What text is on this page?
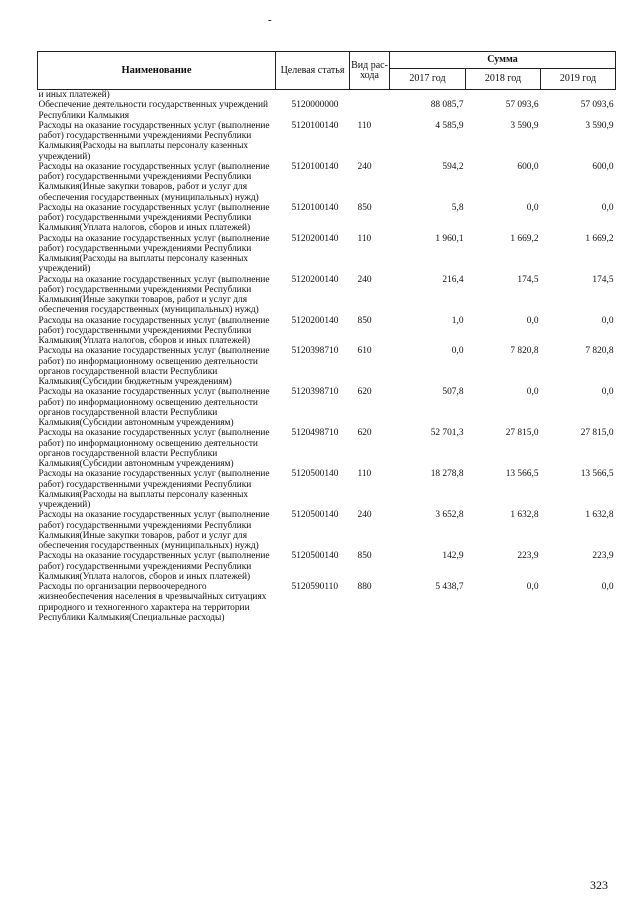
-
Наименование	Целевая статья	Вид рас-хода	Сумма		
			2017 год	2018 год	2019 год
и иных платежей)					
Обеспечение деятельности государственных учреждений Республики Калмыкия	5120000000		88 085,7	57 093,6	57 093,6
Расходы на оказание государственных услуг (выполнение работ) государственными учреждениями Республики Калмыкия(Расходы на выплаты персоналу казенных учреждений)	5120100140	110	4 585,9	3 590,9	3 590,9
Расходы на оказание государственных услуг (выполнение работ) государственными учреждениями Республики Калмыкия(Иные закупки товаров, работ и услуг для обеспечения государственных (муниципальных) нужд)	5120100140	240	594,2	600,0	600,0
Расходы на оказание государственных услуг (выполнение работ) государственными учреждениями Республики Калмыкия(Уплата налогов, сборов и иных платежей)	5120100140	850	5,8	0,0	0,0
Расходы на оказание государственных услуг (выполнение работ) государственными учреждениями Республики Калмыкия(Расходы на выплаты персоналу казенных учреждений)	5120200140	110	1 960,1	1 669,2	1 669,2
Расходы на оказание государственных услуг (выполнение работ) государственными учреждениями Республики Калмыкия(Иные закупки товаров, работ и услуг для обеспечения государственных (муниципальных) нужд)	5120200140	240	216,4	174,5	174,5
Расходы на оказание государственных услуг (выполнение работ) государственными учреждениями Республики Калмыкия(Уплата налогов, сборов и иных платежей)	5120200140	850	1,0	0,0	0,0
Расходы на оказание государственных услуг (выполнение работ) по информационному освещению деятельности органов государственной власти Республики Калмыкия(Субсидии бюджетным учреждениям)	5120398710	610	0,0	7 820,8	7 820,8
Расходы на оказание государственных услуг (выполнение работ) по информационному освещению деятельности органов государственной власти Республики Калмыкия(Субсидии автономным учреждениям)	5120398710	620	507,8	0,0	0,0
Расходы на оказание государственных услуг (выполнение работ) по информационному освещению деятельности органов государственной власти Республики Калмыкия(Субсидии автономным учреждениям)	5120498710	620	52 701,3	27 815,0	27 815,0
Расходы на оказание государственных услуг (выполнение работ) государственными учреждениями Республики Калмыкия(Расходы на выплаты персоналу казенных учреждений)	5120500140	110	18 278,8	13 566,5	13 566,5
Расходы на оказание государственных услуг (выполнение работ) государственными учреждениями Республики Калмыкия(Иные закупки товаров, работ и услуг для обеспечения государственных (муниципальных) нужд)	5120500140	240	3 652,8	1 632,8	1 632,8
Расходы на оказание государственных услуг (выполнение работ) государственными учреждениями Республики Калмыкия(Уплата налогов, сборов и иных платежей)	5120500140	850	142,9	223,9	223,9
Расходы по организации первоочередного жизнеобеспечения населения в чрезвычайных ситуациях природного и техногенного характера на территории Республики Калмыкия(Специальные расходы)	5120590110	880	5 438,7	0,0	0,0
323
